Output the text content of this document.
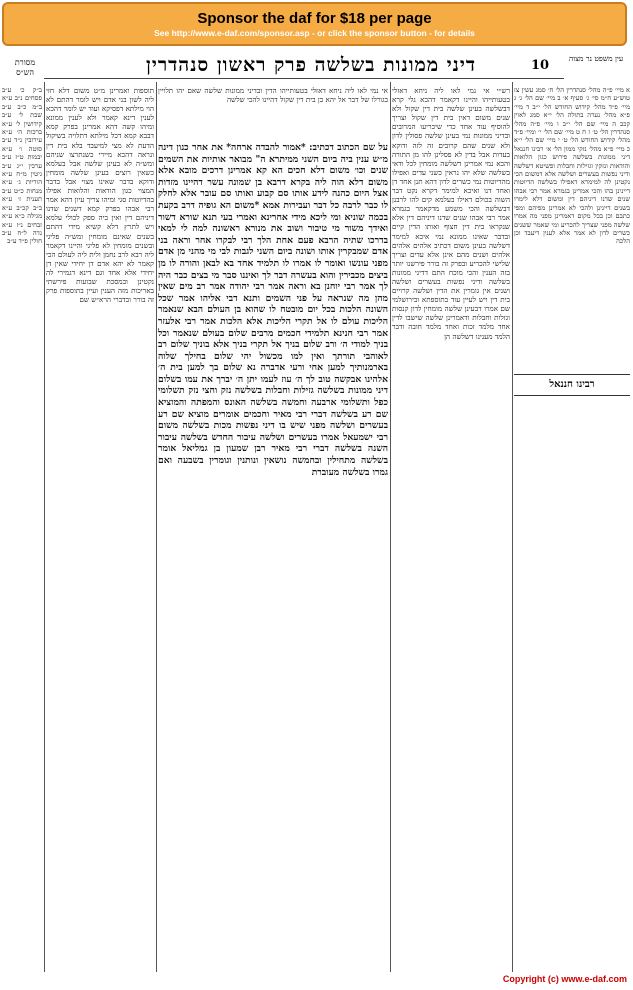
Sponsor the daf for $18 per page
See http://www.e-daf.com/sponsor.asp - or click the sponsor button - for details
10	עין משפט נר מצוה
מסורת הש״ס	דיני ממונות בשלשה פרק ראשון סנהדרין
ב״ק כ׳ ע״ב פסחים נ״ב ע״א ב״מ כ״ב ע״ב שבת ל׳ ע״ב קידושין ל׳ ע״א ברכות ה׳ ע״א עירובין נ״ד ע״ב סוטה ו׳ ע״א יבמות ט״ז ע״ב ערכין י״ג ע״ב גיטין מ״ח ע״א הוריות ג׳ ע״א מנחות כ״ט ע״ב תענית ז׳ ע״א ב״ב קכ״ב ע״א מגילה כ״א ע״א זבחים נ״ז ע״א נדה ל״ח ע״ב חולין פ״ד ע״ב
תוספות ואמרינן מ״ט משום דלא חזי ליה לשון בני אדם ויש לומר דהתם לא הוי מילתא דפסיקא ועוד יש לומר דהכא לענין דינא קאמר ולא לענין ממונא ומיהו קשה דהא אמרינן בפרק קמא דבבא קמא דכל מילתא דתלויה בשיקול הדעת לא מצי למיעבד בלא בית דין ונראה דהכא מיירי כשנתרצו שניהם ומש״ה לא בעינן שלשה אבל בעלמא כשאין רוצים בעינן שלשה מומחין ודוקא בדבר שאינו מצוי אבל בדבר המצוי כגון הודאות והלואות אפילו בהדיוטות סגי ומיהו צריך עיון דהא אמר רבי אבהו בפרק קמא דשנים שדנו דיניהם דין ואין ביה ספק לכולי עלמא ויש לתרץ דלא קשיא מידי דהתם בשנים שאינם מומחין ומש״ה פליגי ובשנים מומחין לא פליגי והיינו דקאמר ליה רבא לרב נחמן ולית ליה לעולם הכי קאמר לא יהא אדם דן יחידי שאין דן יחידי אלא אחד וגם דינא דגמירי לה נקטינן ובמסכת שבועות פירשתי באריכות מזה הענין ועיין בתוספות פרק זה בורר ובדברי הרא״ש שם
אי נמי לאו ליה ניחא דאזלי בטעותייהו הדין ובדיני ממונות שלשה שאם יהו תלויין בגורלו של דבר אל יהא כן בית דין שקול דהיינו להכי שלשה
על שם הכתוב דכתיב: *אמור להבדה ארחה* את אחר כנון דינה מ״ש ענין ביה ביום השני ממיתרא ה" מבואר אותיות את השמים שנים וכו׳ משום דלא חכים הא קא אמרינן דרכים מובא אלא משום דלא הוה ליה בקרא דרבא בן שמונה עשר דהיינו מזדות אצל היום כהנה לידע אותו סם קבוע ואותו סם עובר אלא לחלק לו כבר לרבה כל דבר ועבירות אמא *משום הא גופיה דרב בקעת בכמה שוניא ומי ליכא מידי אחרינא ואמרי בעי תנא שורא דשור ואידך משור מי טיבור ושוב את מנורא ראשונה למה לי למאי בדרכו שתיה הרבא פעם אחת הלך רבי לבקרו אחר וראה בני אדם שמבקרין אותו ושונה ביום השני לגבות לבי מי מהני מן אדם מפני עונשו ואומר לו אמרו לו תלמיד אחד בא לבאן והורה לו מן ביצים מכבירין והוא בעשרה דבר לך ואיננו סבר מי בצים כבר היה לך אמר רבי יוחנן בא וראה אמר רבי יהודה אמר רב מים שאין מהן מה שנראה על פני השמים ותנא דבי אליהו אמר שכל השונה הלכות בכל יום מובטח לו שהוא בן העולם הבא שנאמר הליכות עולם לו אל תקרי הליכות אלא הלכות אמר רבי אלעזר אמר רבי חנינא תלמידי חכמים מרבים שלום בעולם שנאמר וכל בניך למודי ה׳ ורב שלום בניך אל תקרי בניך אלא בוניך שלום רב לאוהבי תורתך ואין למו מכשול יהי שלום בחילך שלוה בארמנותיך למען אחי ורעי אדברה נא שלום בך למען בית ה׳ אלהינו אבקשה טוב לך ה׳ עוז לעמו יתן ה׳ יברך את עמו בשלום דיני ממונות בשלשה גזילות וחבלות בשלשה נזק וחצי נזק תשלומי כפל ותשלומי ארבעה וחמשה בשלשה האונס והמפתה והמוציא שם רע בשלשה דברי רבי מאיר וחכמים אומרים מוציא שם רע בעשרים ושלשה מפני שיש בו דיני נפשות מכות בשלשה משום רבי ישמעאל אמרו בעשרים ושלשה עיבור החדש בשלשה עיבור השנה בשלשה דברי רבי מאיר רבן שמעון בן גמליאל אומר בשלשה מתחילין ובחמשה נושאין ונותנין וגומרין בשבעה ואם גמרו בשלשה מעוברת
רש״י אי נמי לאו ליה ניחא דאזלי בטעותייהו והיינו דקאמר דהכא גלי קרא דבשלשה בעינן שלשה בית דין שקול ולא שנים משום דאין בית דין שקול וצריך להוסיף עוד אחד כדי שיכריעו המרובים ובדיני ממונות נמי בעינן שלשה פסולין לדון ולא שנים שהם קרובים זה לזה ודוקא בעדות אבל בדין לא פסלינן להו מן התורה והכא נמי אמרינן דשלשה מומחין לכל ודאי בשלשה שלא יהו נראין כשני עדים ואפילו מהדיוטות נמי כשרים לדון דהא תנן אחד דן ואחד דנו ואיכא למימר דקרא נקט דבר השוה בכולם דאילו בעלמא קים להו לרבנן דבשלשה והכי משמע מדקאמר בגמרא אמר רבי אבהו שנים שדנו דיניהם דין אלא שנקראו בית דין חצוף ואותו הדין קיים ובדבר שאינו ממונא נמי איכא למימר דשלשה בעינן משום דכתיב אלהים אלהים אלהים ושנים מהם אינן אלא עדים וצריך שלישי להכריע ובפרק זה בורר פירשנו יותר בזה הענין והכי מוכח התם דדיני ממונות בשלשה ודיני נפשות בעשרים ושלשה ושנים אין גומרין את הדין ושלשה קרויים בית דין ויש לעיין עוד בתוספתא ובירושלמי שם אמרו דבעינן שלשה מומחין לדון קנסות וגזלות וחבלות ודאמרינן שלשה שישבו לדין אחד מלמד זכות ואחד מלמד חובה ודבר הלמד מענינו דשלשה הן
א מיי׳ פ״ה מהל׳ סנהדרין הל׳ ח׳ סמג עשין צז טוש״ע ח״מ סי׳ ג׳ סעיף א׳ ב מיי׳ שם הל׳ ג׳ ג מיי׳ פ״ד מהל׳ קידוש החודש הל׳ י״ב ד מיי׳ פ״א מהל׳ נערה בתולה הל׳ י״א סמג לאוין קכב ה מיי׳ שם הל׳ י״ב ו מיי׳ פ״ה מהל׳ סנהדרין הל׳ ט׳ ז ח ט מיי׳ שם הל׳ י׳ ומיי׳ פ״ד מהל׳ קידוש החודש הל׳ ט׳ י מיי׳ שם הל׳ י״א כ מיי׳ פ״א מהל׳ נזקי ממון הל׳ א׳ רבינו חננאל דיני ממונות בשלשה פירוש כגון הלואות והודאות ונזקין וגזילות וחבלות ופשיטא דשלשה ודיני נפשות בעשרים ושלשה אלא דמשום הכי נקטינן לה למימרא דאפילו בשלשה הדיוטות דיינינן בהו והכי אמרינן בגמרא אמר רבי אבהו שנים שדנו דיניהם דין ומשום דלא לימרו בשנים דיינינן ולהכי לא אמרינן מפיהם ומפי כתבם וכן בכל מקום דאמרינן מפני מה אמרו שלשה מפני שצריך להכריע ומי שאמר ששנים כשרים לדון לא אמר אלא לענין דיעבד וכן הלכה
רבינו חננאל
Copyright (c) www.e-daf.com
